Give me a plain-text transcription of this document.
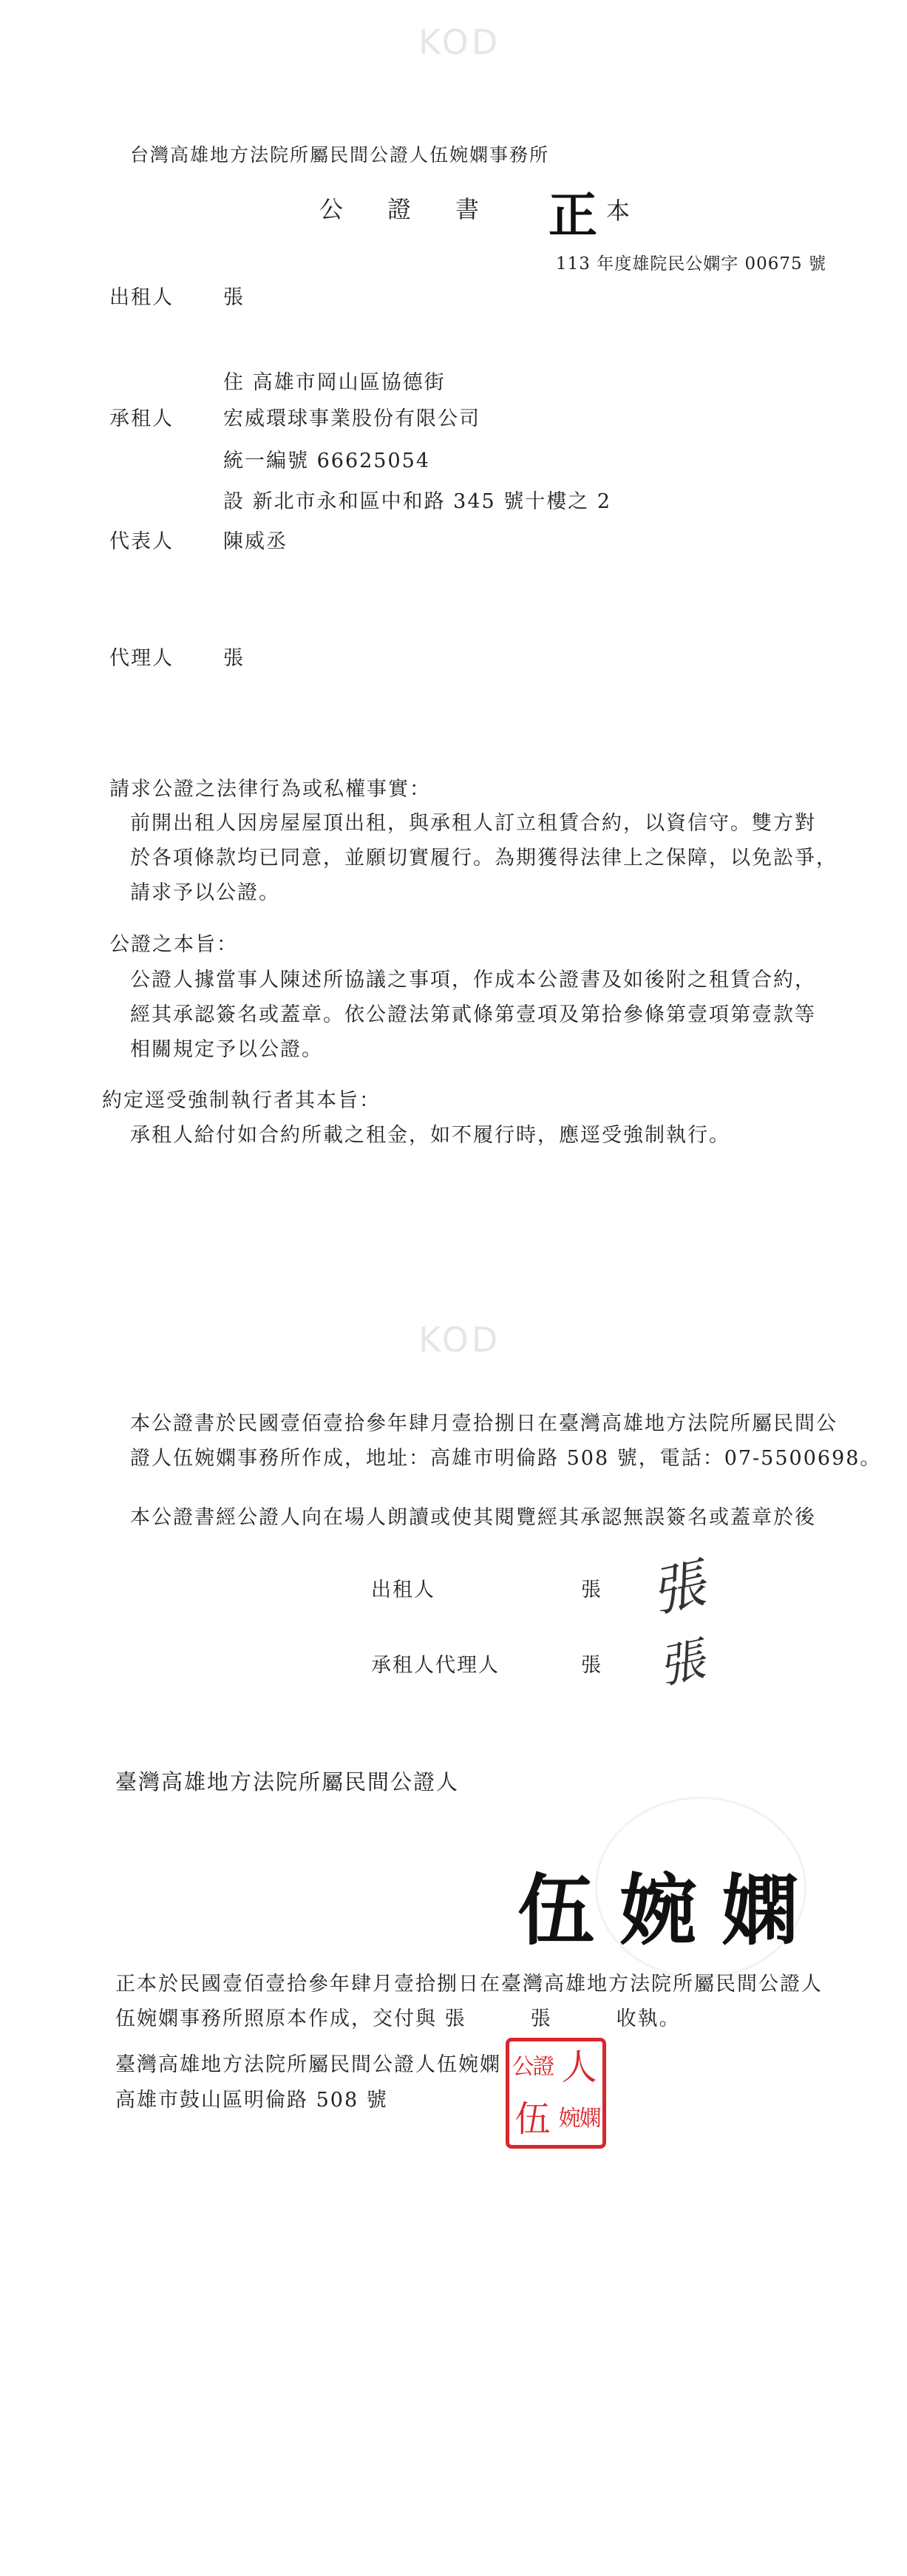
KOD
台灣高雄地方法院所屬民間公證人伍婉嫻事務所
公　證　書 正 本
113 年度雄院民公嫻字 00675 號
出租人 張
住 高雄市岡山區協德街
承租人 宏威環球事業股份有限公司
統一編號 66625054
設 新北市永和區中和路 345 號十樓之 2
代表人 陳威丞
代理人 張
請求公證之法律行為或私權事實：
前開出租人因房屋屋頂出租，與承租人訂立租賃合約，以資信守。雙方對
於各項條款均已同意，並願切實履行。為期獲得法律上之保障，以免訟爭，
請求予以公證。
公證之本旨：
公證人據當事人陳述所協議之事項，作成本公證書及如後附之租賃合約，
經其承認簽名或蓋章。依公證法第貳條第壹項及第拾參條第壹項第壹款等
相關規定予以公證。
約定逕受強制執行者其本旨：
承租人給付如合約所載之租金，如不履行時，應逕受強制執行。
KOD
本公證書於民國壹佰壹拾參年肆月壹拾捌日在臺灣高雄地方法院所屬民間公
證人伍婉嫻事務所作成，地址：高雄市明倫路 508 號，電話：07-5500698。
本公證書經公證人向在場人朗讀或使其閱覽經其承認無誤簽名或蓋章於後
出租人	張 張
承租人代理人	張 張
臺灣高雄地方法院所屬民間公證人
伍婉嫻
正本於民國壹佰壹拾參年肆月壹拾捌日在臺灣高雄地方法院所屬民間公證人
伍婉嫻事務所照原本作成，交付與 張　　　張　　　收執。
臺灣高雄地方法院所屬民間公證人伍婉嫻
高雄市鼓山區明倫路 508 號
公證 人
伍 婉嫻
